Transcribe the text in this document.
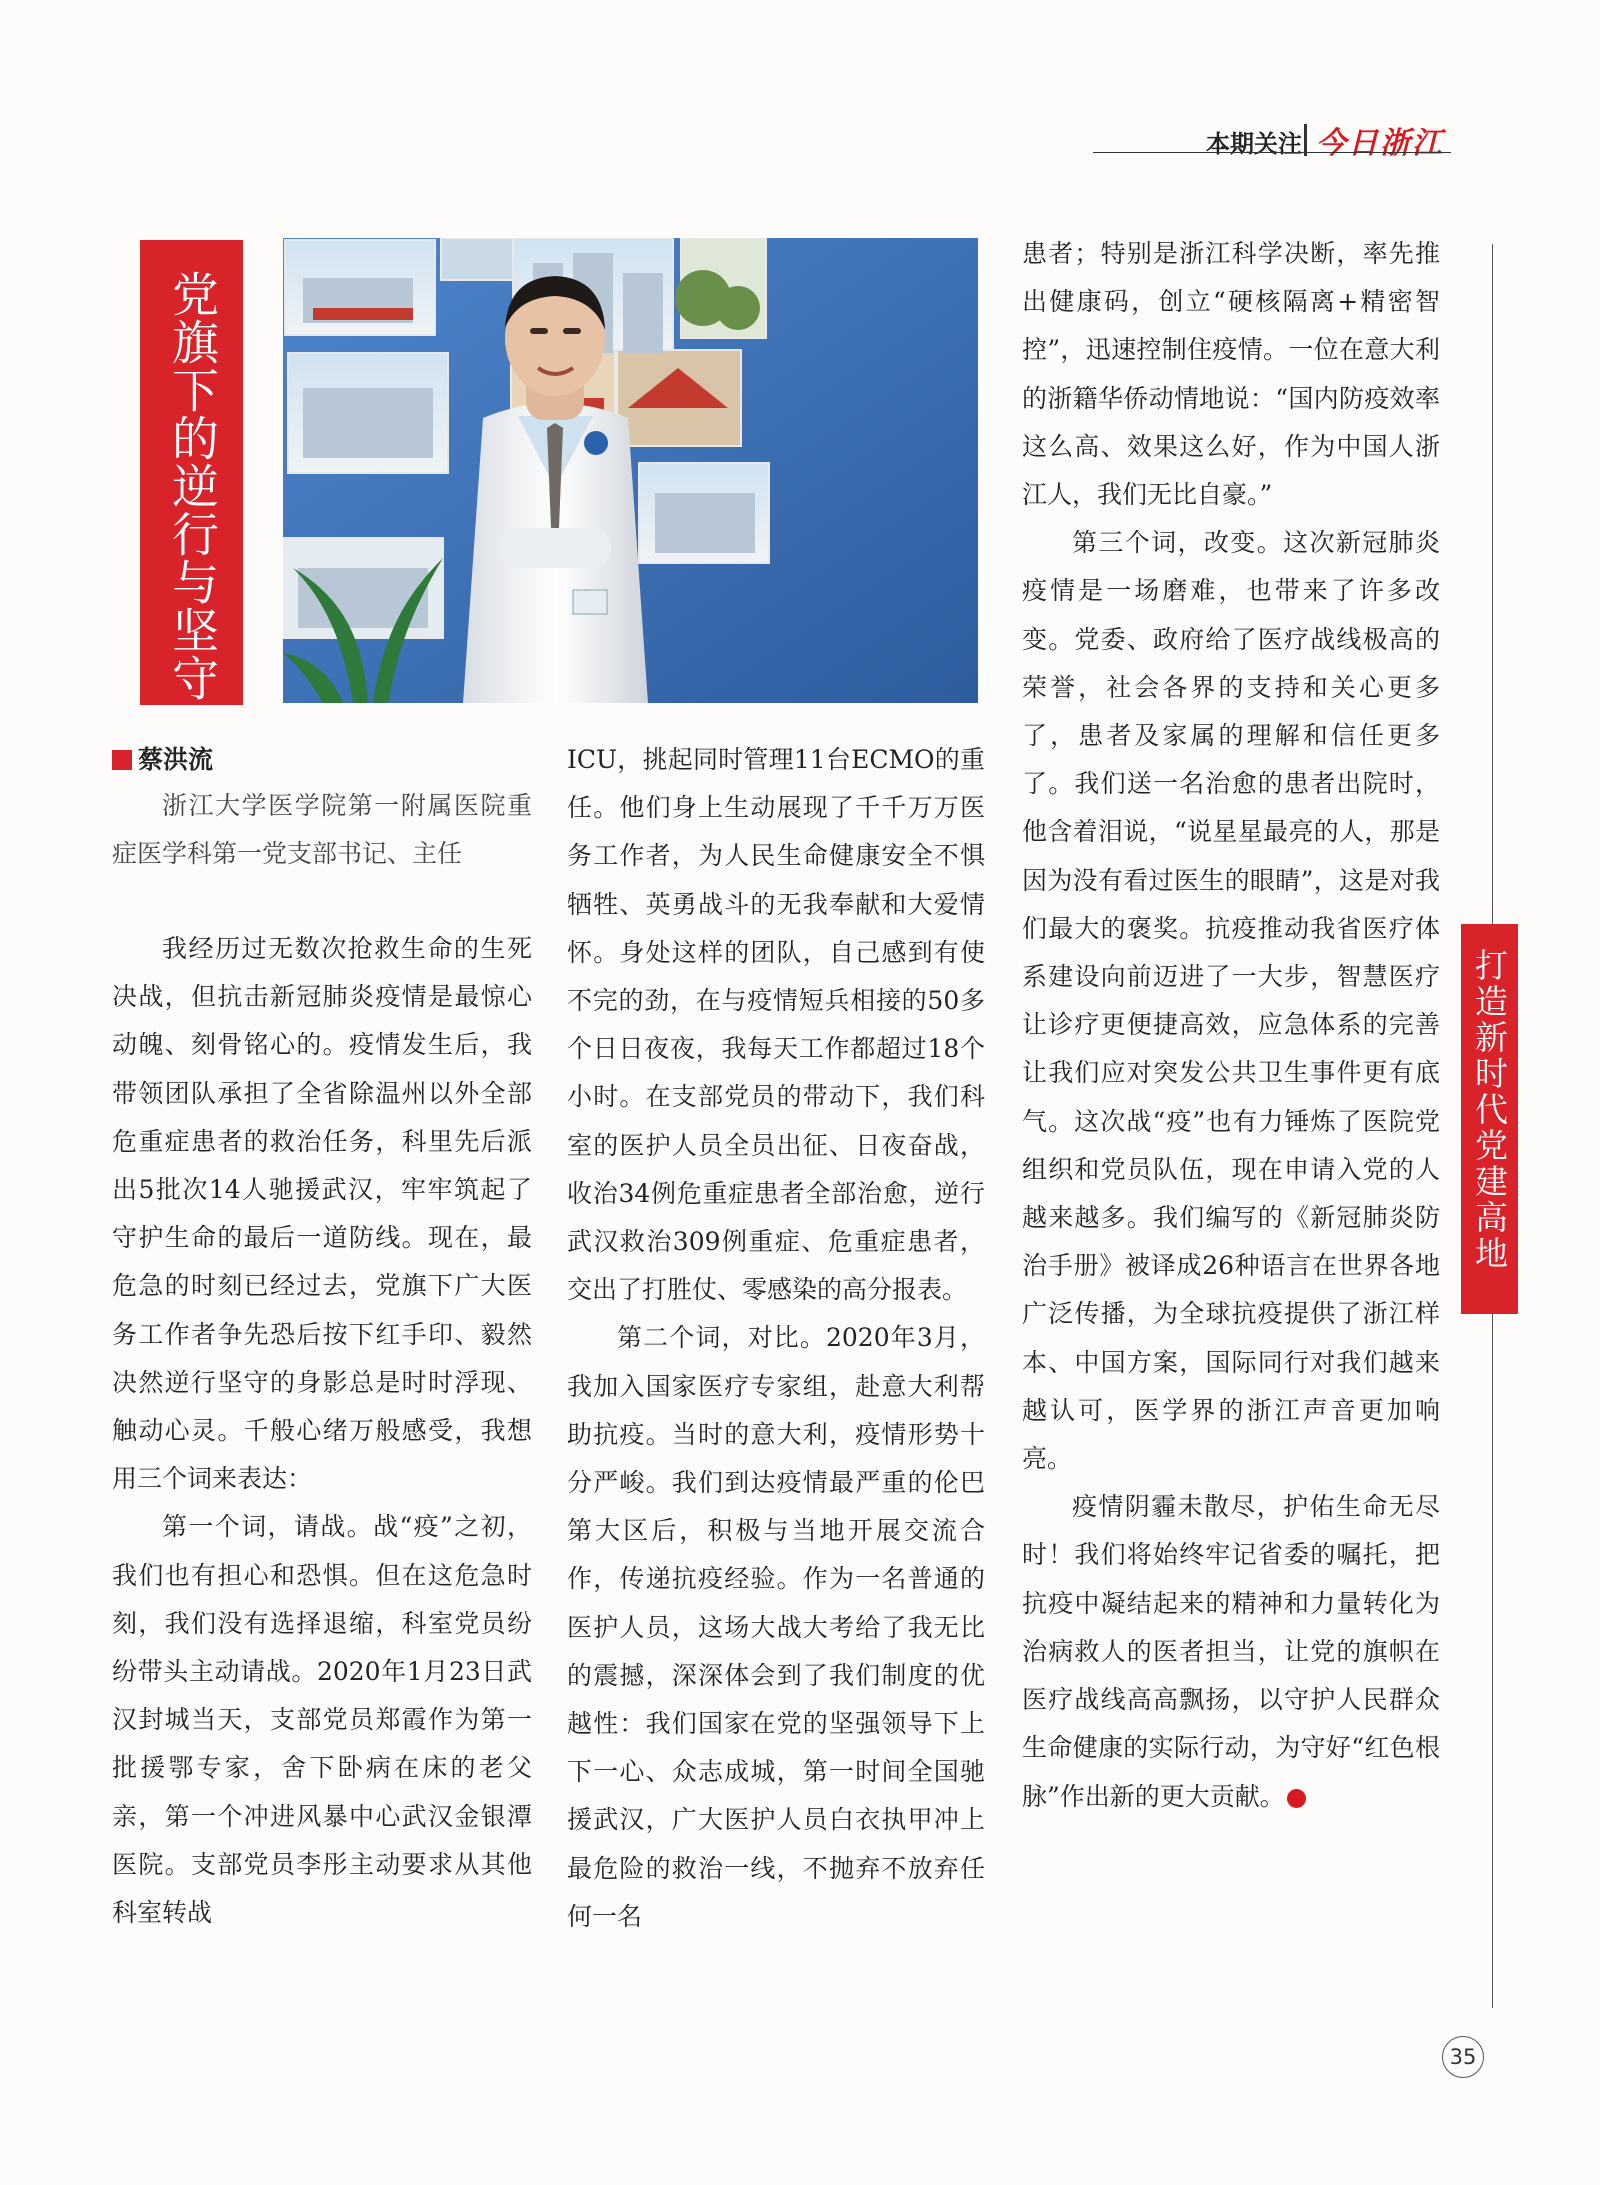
本期关注 今日浙江
党旗下的逆行与坚守
蔡洪流
浙江大学医学院第一附属医院重症医学科第一党支部书记、主任

我经历过无数次抢救生命的生死决战，但抗击新冠肺炎疫情是最惊心动魄、刻骨铭心的。疫情发生后，我带领团队承担了全省除温州以外全部危重症患者的救治任务，科里先后派出5批次14人驰援武汉，牢牢筑起了守护生命的最后一道防线。现在，最危急的时刻已经过去，党旗下广大医务工作者争先恐后按下红手印、毅然决然逆行坚守的身影总是时时浮现、触动心灵。千般心绪万般感受，我想用三个词来表达：

第一个词，请战。战“疫”之初，我们也有担心和恐惧。但在这危急时刻，我们没有选择退缩，科室党员纷纷带头主动请战。2020年1月23日武汉封城当天，支部党员郑霞作为第一批援鄂专家，舍下卧病在床的老父亲，第一个冲进风暴中心武汉金银潭医院。支部党员李彤主动要求从其他科室转战

ICU，挑起同时管理11台ECMO的重任。他们身上生动展现了千千万万医务工作者，为人民生命健康安全不惧牺牲、英勇战斗的无我奉献和大爱情怀。身处这样的团队，自己感到有使不完的劲，在与疫情短兵相接的50多个日日夜夜，我每天工作都超过18个小时。在支部党员的带动下，我们科室的医护人员全员出征、日夜奋战，收治34例危重症患者全部治愈，逆行武汉救治309例重症、危重症患者，交出了打胜仗、零感染的高分报表。

第二个词，对比。2020年3月，我加入国家医疗专家组，赴意大利帮助抗疫。当时的意大利，疫情形势十分严峻。我们到达疫情最严重的伦巴第大区后，积极与当地开展交流合作，传递抗疫经验。作为一名普通的医护人员，这场大战大考给了我无比的震撼，深深体会到了我们制度的优越性：我们国家在党的坚强领导下上下一心、众志成城，第一时间全国驰援武汉，广大医护人员白衣执甲冲上最危险的救治一线，不抛弃不放弃任何一名

患者；特别是浙江科学决断，率先推出健康码，创立“硬核隔离+精密智控”，迅速控制住疫情。一位在意大利的浙籍华侨动情地说：“国内防疫效率这么高、效果这么好，作为中国人浙江人，我们无比自豪。”

第三个词，改变。这次新冠肺炎疫情是一场磨难，也带来了许多改变。党委、政府给了医疗战线极高的荣誉，社会各界的支持和关心更多了，患者及家属的理解和信任更多了。我们送一名治愈的患者出院时，他含着泪说，“说星星最亮的人，那是因为没有看过医生的眼睛”，这是对我们最大的褒奖。抗疫推动我省医疗体系建设向前迈进了一大步，智慧医疗让诊疗更便捷高效，应急体系的完善让我们应对突发公共卫生事件更有底气。这次战“疫”也有力锤炼了医院党组织和党员队伍，现在申请入党的人越来越多。我们编写的《新冠肺炎防治手册》被译成26种语言在世界各地广泛传播，为全球抗疫提供了浙江样本、中国方案，国际同行对我们越来越认可，医学界的浙江声音更加响亮。

疫情阴霾未散尽，护佑生命无尽时！我们将始终牢记省委的嘱托，把抗疫中凝结起来的精神和力量转化为治病救人的医者担当，让党的旗帜在医疗战线高高飘扬，以守护人民群众生命健康的实际行动，为守好“红色根脉”作出新的更大贡献。	今

打造新时代党建高地
35
